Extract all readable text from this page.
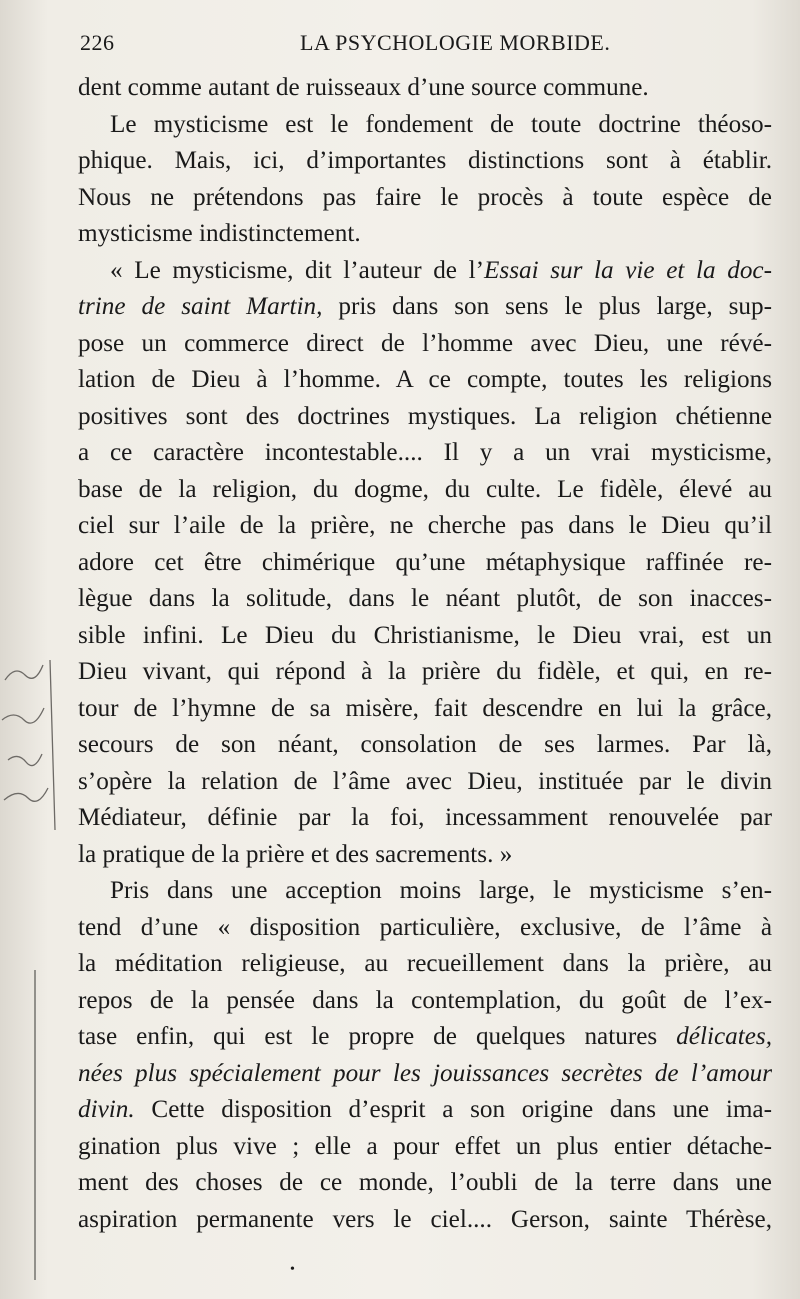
226	LA PSYCHOLOGIE MORBIDE.
dent comme autant de ruisseaux d’une source commune.
Le mysticisme est le fondement de toute doctrine théoso-
phique. Mais, ici, d’importantes distinctions sont à établir.
Nous ne prétendons pas faire le procès à toute espèce de
mysticisme indistinctement.
« Le mysticisme, dit l’auteur de l’Essai sur la vie et la doc-
trine de saint Martin, pris dans son sens le plus large, sup-
pose un commerce direct de l’homme avec Dieu, une révé-
lation de Dieu à l’homme. A ce compte, toutes les religions
positives sont des doctrines mystiques. La religion chétienne
a ce caractère incontestable.... Il y a un vrai mysticisme,
base de la religion, du dogme, du culte. Le fidèle, élevé au
ciel sur l’aile de la prière, ne cherche pas dans le Dieu qu’il
adore cet être chimérique qu’une métaphysique raffinée re-
lègue dans la solitude, dans le néant plutôt, de son inacces-
sible infini. Le Dieu du Christianisme, le Dieu vrai, est un
Dieu vivant, qui répond à la prière du fidèle, et qui, en re-
tour de l’hymne de sa misère, fait descendre en lui la grâce,
secours de son néant, consolation de ses larmes. Par là,
s’opère la relation de l’âme avec Dieu, instituée par le divin
Médiateur, définie par la foi, incessamment renouvelée par
la pratique de la prière et des sacrements. »
Pris dans une acception moins large, le mysticisme s’en-
tend d’une « disposition particulière, exclusive, de l’âme à
la méditation religieuse, au recueillement dans la prière, au
repos de la pensée dans la contemplation, du goût de l’ex-
tase enfin, qui est le propre de quelques natures délicates,
nées plus spécialement pour les jouissances secrètes de l’amour
divin. Cette disposition d’esprit a son origine dans une ima-
gination plus vive ; elle a pour effet un plus entier détache-
ment des choses de ce monde, l’oubli de la terre dans une
aspiration permanente vers le ciel.... Gerson, sainte Thérèse,
•
